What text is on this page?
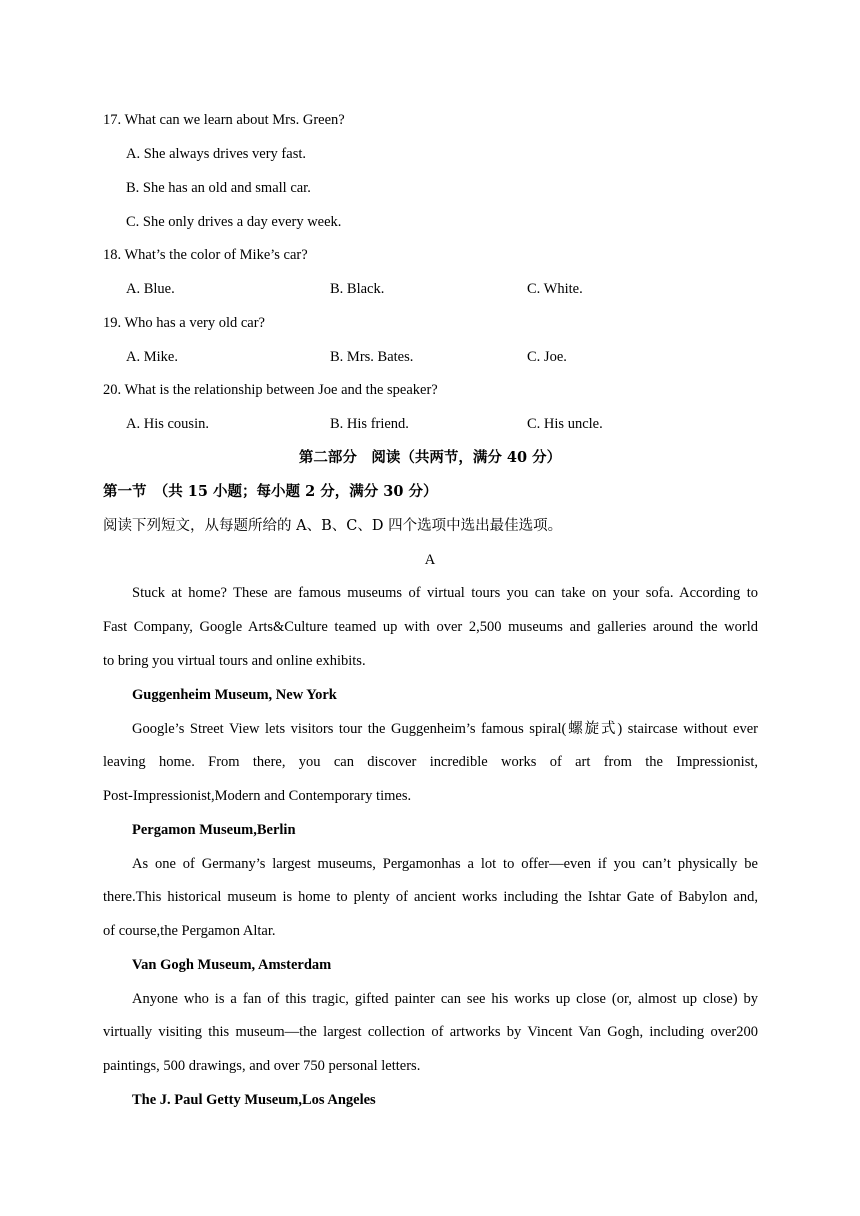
17. What can we learn about Mrs. Green?
A. She always drives very fast.
B. She has an old and small car.
C. She only drives a day every week.
18. What’s the color of Mike’s car?
A. Blue.	B. Black.	C. White.
19. Who has a very old car?
A. Mike.	B. Mrs. Bates.	C. Joe.
20. What is the relationship between Joe and the speaker?
A. His cousin.	B. His friend.	C. His uncle.
第二部分　阅读（共两节，满分 40 分）
第一节　（共 15 小题；每小题 2 分，满分 30 分）
阅读下列短文，从每题所给的 A、B、C、D 四个选项中选出最佳选项。
A
Stuck at home? These are famous museums of virtual tours you can take on your sofa. According to
Fast Company, Google Arts&Culture teamed up with over 2,500 museums and galleries around the world
to bring you virtual tours and online exhibits.
Guggenheim Museum, New York
Google’s Street View lets visitors tour the Guggenheim’s famous spiral(螺旋式) staircase without ever
leaving home. From there, you can discover incredible works of art from the Impressionist,
Post-Impressionist,Modern and Contemporary times.
Pergamon Museum,Berlin
As one of Germany’s largest museums, Pergamonhas a lot to offer—even if you can’t physically be
there.This historical museum is home to plenty of ancient works including the Ishtar Gate of Babylon and,
of course,the Pergamon Altar.
Van Gogh Museum, Amsterdam
Anyone who is a fan of this tragic, gifted painter can see his works up close (or, almost up close) by
virtually visiting this museum—the largest collection of artworks by Vincent Van Gogh, including over200
paintings, 500 drawings, and over 750 personal letters.
The J. Paul Getty Museum,Los Angeles
